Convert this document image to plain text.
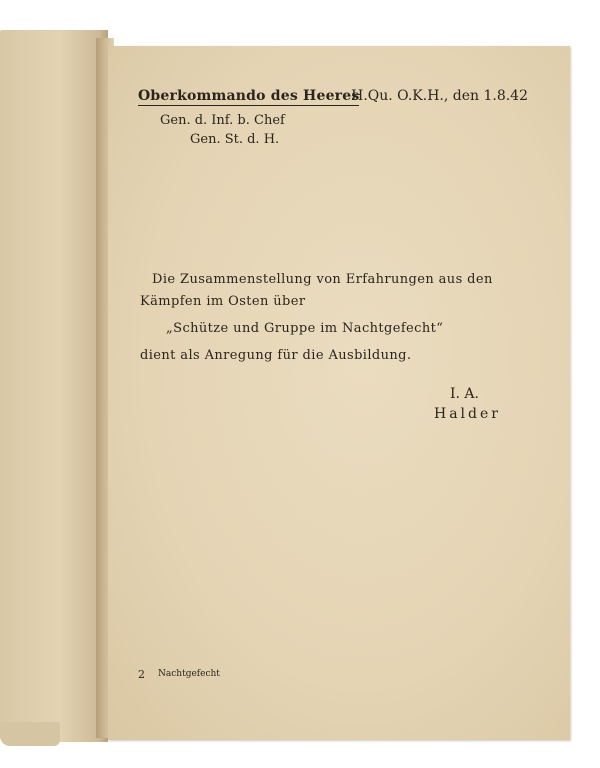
Oberkommando des Heeres
H.Qu. O.K.H., den 1.8.42
Gen. d. Inf. b. Chef
Gen. St. d. H.
Die Zusammenstellung von Erfahrungen aus den
Kämpfen im Osten über
„Schütze und Gruppe im Nachtgefecht“
dient als Anregung für die Ausbildung.
I. A.
Halder
2 Nachtgefecht
